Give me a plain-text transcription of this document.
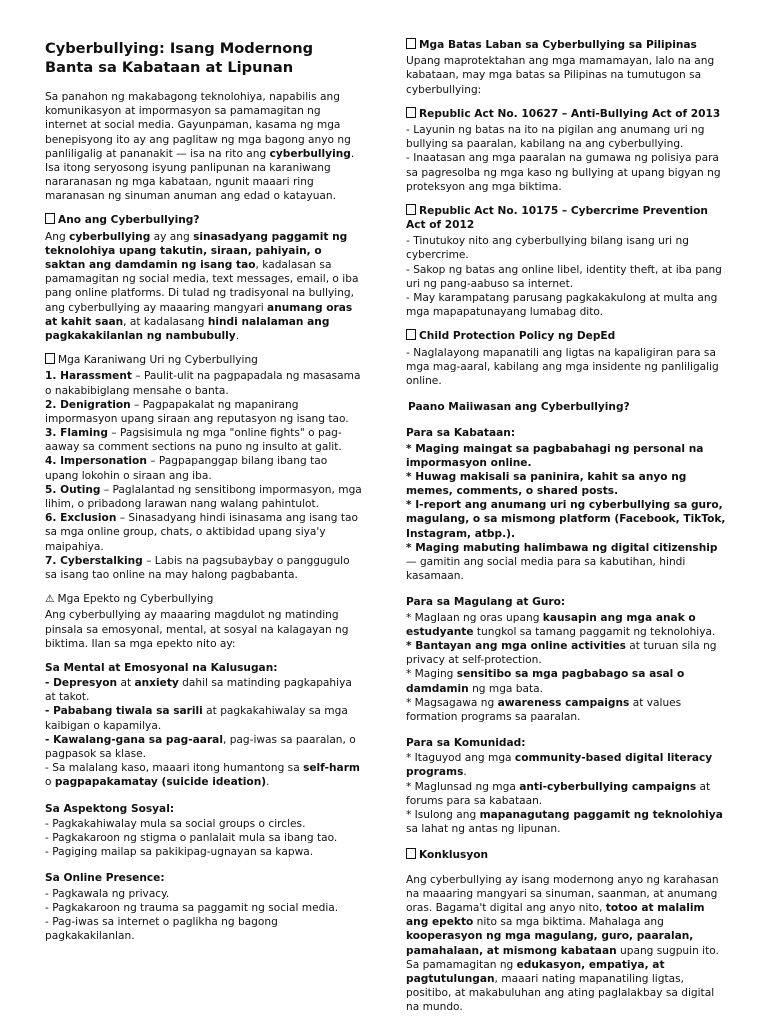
Cyberbullying: Isang Modernong Banta sa Kabataan at Lipunan

Sa panahon ng makabagong teknolohiya, napabilis ang komunikasyon at impormasyon sa pamamagitan ng internet at social media. Gayunpaman, kasama ng mga benepisyong ito ay ang paglitaw ng mga bagong anyo ng panliligalig at pananakit — isa na rito ang cyberbullying. Isa itong seryosong isyung panlipunan na karaniwang nararanasan ng mga kabataan, ngunit maaari ring maranasan ng sinuman anuman ang edad o katayuan.

Ano ang Cyberbullying?

Ang cyberbullying ay ang sinasadyang paggamit ng teknolohiya upang takutin, siraan, pahiyain, o saktan ang damdamin ng isang tao, kadalasan sa pamamagitan ng social media, text messages, email, o iba pang online platforms. Di tulad ng tradisyonal na bullying, ang cyberbullying ay maaaring mangyari anumang oras at kahit saan, at kadalasang hindi nalalaman ang pagkakakilanlan ng nambubully.

Mga Karaniwang Uri ng Cyberbullying
1. Harassment – Paulit-ulit na pagpapadala ng masasama o nakabibiglang mensahe o banta.
2. Denigration – Pagpapakalat ng mapanirang impormasyon upang siraan ang reputasyon ng isang tao.
3. Flaming – Pagsisimula ng mga "online fights" o pag-aaway sa comment sections na puno ng insulto at galit.
4. Impersonation – Pagpapanggap bilang ibang tao upang lokohin o siraan ang iba.
5. Outing – Paglalantad ng sensitibong impormasyon, mga lihim, o pribadong larawan nang walang pahintulot.
6. Exclusion – Sinasadyang hindi isinasama ang isang tao sa mga online group, chats, o aktibidad upang siya'y maipahiya.
7. Cyberstalking – Labis na pagsubaybay o panggugulo sa isang tao online na may halong pagbabanta.
⚠ Mga Epekto ng Cyberbullying

Ang cyberbullying ay maaaring magdulot ng matinding pinsala sa emosyonal, mental, at sosyal na kalagayan ng biktima. Ilan sa mga epekto nito ay:

Sa Mental at Emosyonal na Kalusugan:
- Depresyon at anxiety dahil sa matinding pagkapahiya at takot.
- Pababang tiwala sa sarili at pagkakahiwalay sa mga kaibigan o kapamilya.
- Kawalang-gana sa pag-aaral, pag-iwas sa paaralan, o pagpasok sa klase.
- Sa malalang kaso, maaari itong humantong sa self-harm o pagpapakamatay (suicide ideation).
Sa Aspektong Sosyal:
- Pagkakahiwalay mula sa social groups o circles.
- Pagkakaroon ng stigma o panlalait mula sa ibang tao.
- Pagiging mailap sa pakikipag-ugnayan sa kapwa.
Sa Online Presence:
- Pagkawala ng privacy.
- Pagkakaroon ng trauma sa paggamit ng social media.
- Pag-iwas sa internet o paglikha ng bagong pagkakakilanlan.
Mga Batas Laban sa Cyberbullying sa Pilipinas

Upang maprotektahan ang mga mamamayan, lalo na ang kabataan, may mga batas sa Pilipinas na tumutugon sa cyberbullying:

Republic Act No. 10627 – Anti-Bullying Act of 2013
- Layunin ng batas na ito na pigilan ang anumang uri ng bullying sa paaralan, kabilang na ang cyberbullying.
- Inaatasan ang mga paaralan na gumawa ng polisiya para sa pagresolba ng mga kaso ng bullying at upang bigyan ng proteksyon ang mga biktima.
Republic Act No. 10175 – Cybercrime Prevention Act of 2012
- Tinutukoy nito ang cyberbullying bilang isang uri ng cybercrime.
- Sakop ng batas ang online libel, identity theft, at iba pang uri ng pang-aabuso sa internet.
- May karampatang parusang pagkakakulong at multa ang mga mapapatunayang lumabag dito.
Child Protection Policy ng DepEd
- Naglalayong mapanatili ang ligtas na kapaligiran para sa mga mag-aaral, kabilang ang mga insidente ng panliligalig online.
Paano Maiiwasan ang Cyberbullying?
Para sa Kabataan:
* Maging maingat sa pagbabahagi ng personal na impormasyon online.
* Huwag makisali sa paninira, kahit sa anyo ng memes, comments, o shared posts.
* I-report ang anumang uri ng cyberbullying sa guro, magulang, o sa mismong platform (Facebook, TikTok, Instagram, atbp.).
* Maging mabuting halimbawa ng digital citizenship — gamitin ang social media para sa kabutihan, hindi kasamaan.
Para sa Magulang at Guro:
* Maglaan ng oras upang kausapin ang mga anak o estudyante tungkol sa tamang paggamit ng teknolohiya.
* Bantayan ang mga online activities at turuan sila ng privacy at self-protection.
* Maging sensitibo sa mga pagbabago sa asal o damdamin ng mga bata.
* Magsagawa ng awareness campaigns at values formation programs sa paaralan.
Para sa Komunidad:
* Itaguyod ang mga community-based digital literacy programs.
* Maglunsad ng mga anti-cyberbullying campaigns at forums para sa kabataan.
* Isulong ang mapanagutang paggamit ng teknolohiya sa lahat ng antas ng lipunan.
Konklusyon

Ang cyberbullying ay isang modernong anyo ng karahasan na maaaring mangyari sa sinuman, saanman, at anumang oras. Bagama't digital ang anyo nito, totoo at malalim ang epekto nito sa mga biktima. Mahalaga ang kooperasyon ng mga magulang, guro, paaralan, pamahalaan, at mismong kabataan upang sugpuin ito. Sa pamamagitan ng edukasyon, empatiya, at pagtutulungan, maaari nating mapanatiling ligtas, positibo, at makabuluhan ang ating paglalakbay sa digital na mundo.
